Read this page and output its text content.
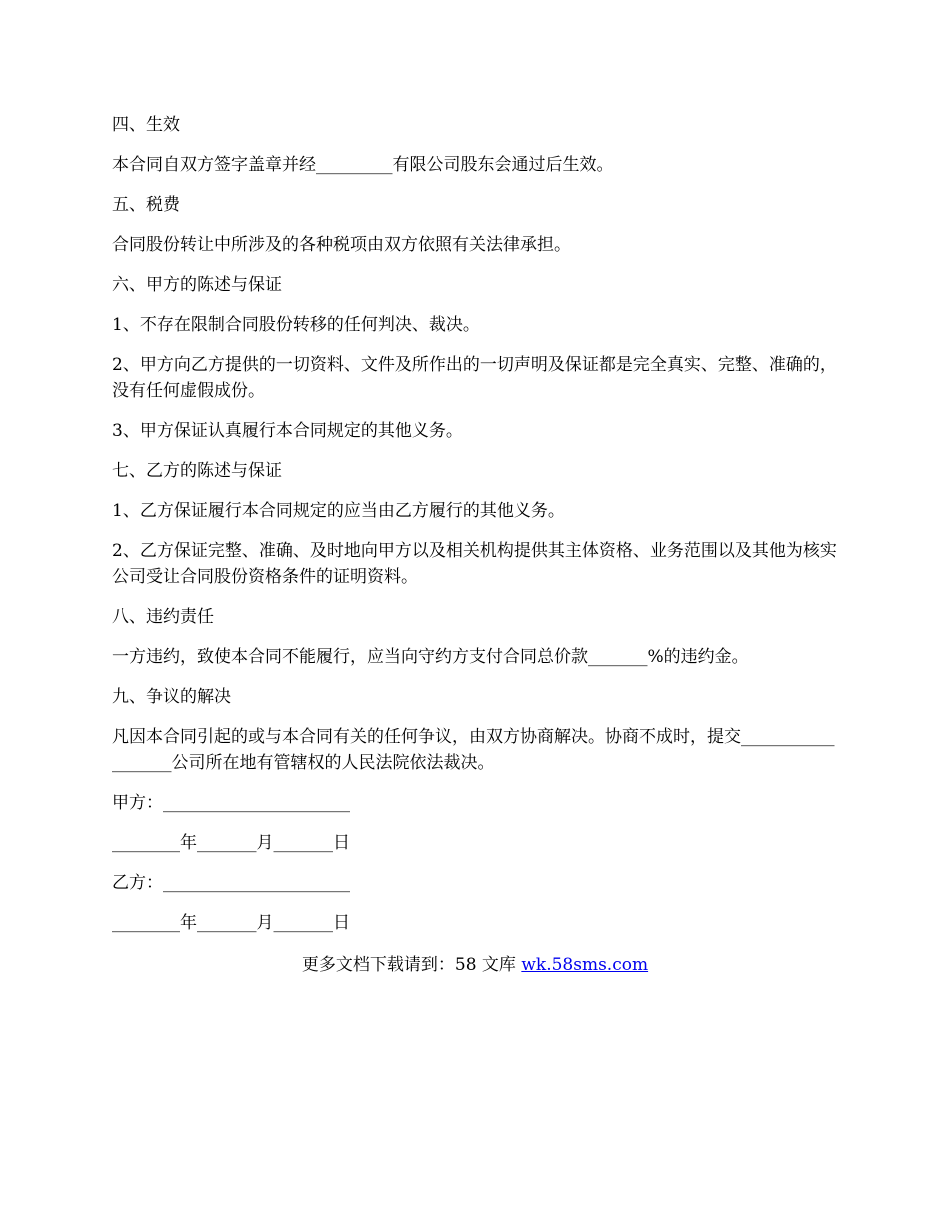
四、生效

本合同自双方签字盖章并经_________有限公司股东会通过后生效。

五、税费

合同股份转让中所涉及的各种税项由双方依照有关法律承担。

六、甲方的陈述与保证

1、不存在限制合同股份转移的任何判决、裁决。

2、甲方向乙方提供的一切资料、文件及所作出的一切声明及保证都是完全真实、完整、准确的，没有任何虚假成份。

3、甲方保证认真履行本合同规定的其他义务。

七、乙方的陈述与保证

1、乙方保证履行本合同规定的应当由乙方履行的其他义务。

2、乙方保证完整、准确、及时地向甲方以及相关机构提供其主体资格、业务范围以及其他为核实公司受让合同股份资格条件的证明资料。

八、违约责任

一方违约，致使本合同不能履行，应当向守约方支付合同总价款_______%的违约金。

九、争议的解决

凡因本合同引起的或与本合同有关的任何争议，由双方协商解决。协商不成时，提交__________________公司所在地有管辖权的人民法院依法裁决。

甲方：______________________

________年_______月_______日

乙方：______________________

________年_______月_______日

更多文档下载请到：58 文库 wk.58sms.com
